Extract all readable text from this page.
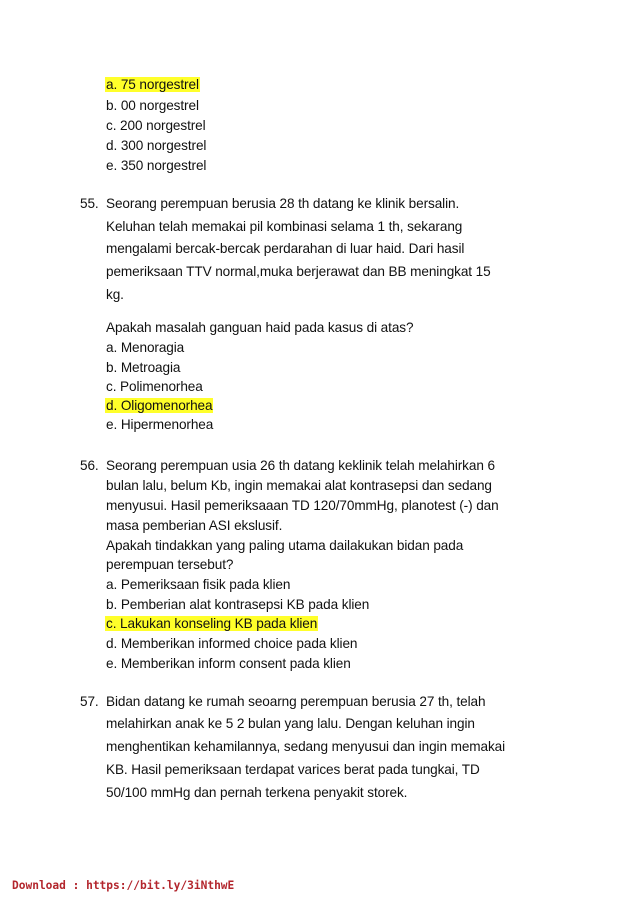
a. 75 norgestrel
b. 00 norgestrel
c. 200 norgestrel
d. 300 norgestrel
e. 350 norgestrel
55. Seorang perempuan berusia 28 th datang ke klinik bersalin.
Keluhan telah memakai pil kombinasi selama 1 th, sekarang
mengalami bercak-bercak perdarahan di luar haid. Dari hasil
pemeriksaan TTV normal,muka berjerawat dan BB meningkat 15
kg.
Apakah masalah ganguan haid pada kasus di atas?
a. Menoragia
b. Metroagia
c. Polimenorhea
d. Oligomenorhea
e. Hipermenorhea
56. Seorang perempuan usia 26 th datang keklinik telah melahirkan 6
bulan lalu, belum Kb, ingin memakai alat kontrasepsi dan sedang
menyusui. Hasil pemeriksaaan TD 120/70mmHg, planotest (-) dan
masa pemberian ASI ekslusif.
Apakah tindakkan yang paling utama dailakukan bidan pada
perempuan tersebut?
a. Pemeriksaan fisik pada klien
b. Pemberian alat kontrasepsi KB pada klien
c. Lakukan konseling KB pada klien
d. Memberikan informed choice pada klien
e. Memberikan inform consent pada klien
57. Bidan datang ke rumah seoarng perempuan berusia 27 th, telah
melahirkan anak ke 5 2 bulan yang lalu. Dengan keluhan ingin
menghentikan kehamilannya, sedang menyusui dan ingin memakai
KB. Hasil pemeriksaan terdapat varices berat pada tungkai, TD
50/100 mmHg dan pernah terkena penyakit storek.
Download : https://bit.ly/3iNthwE
